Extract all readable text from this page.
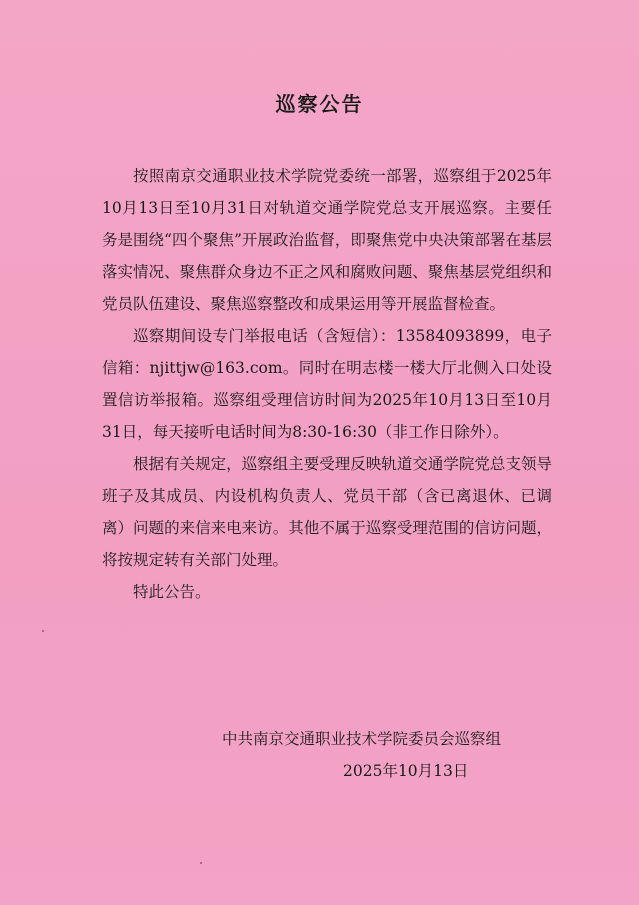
巡察公告

按照南京交通职业技术学院党委统一部署，巡察组于2025年10月13日至10月31日对轨道交通学院党总支开展巡察。主要任务是围绕“四个聚焦”开展政治监督，即聚焦党中央决策部署在基层落实情况、聚焦群众身边不正之风和腐败问题、聚焦基层党组织和党员队伍建设、聚焦巡察整改和成果运用等开展监督检查。

巡察期间设专门举报电话（含短信）：13584093899，电子信箱：njittjw@163.com。同时在明志楼一楼大厅北侧入口处设置信访举报箱。巡察组受理信访时间为2025年10月13日至10月31日，每天接听电话时间为8:30-16:30（非工作日除外）。

根据有关规定，巡察组主要受理反映轨道交通学院党总支领导班子及其成员、内设机构负责人、党员干部（含已离退休、已调离）问题的来信来电来访。其他不属于巡察受理范围的信访问题，将按规定转有关部门处理。

特此公告。

中共南京交通职业技术学院委员会巡察组
2025年10月13日
